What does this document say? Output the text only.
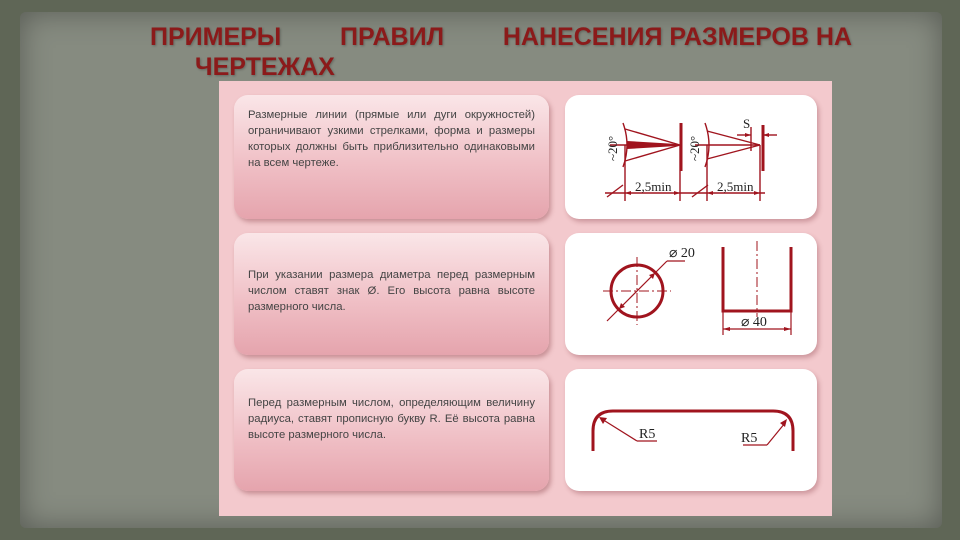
ПРИМЕРЫ ПРАВИЛ НАНЕСЕНИЯ РАЗМЕРОВ НА
ЧЕРТЕЖАХ

Размерные линии (прямые или дуги окружностей) ограничивают узкими стрелками, форма и размеры которых должны быть приблизительно одинаковыми на всем чертеже.

~20°	~20°
2,5min	2,5min
S

При указании размера диаметра перед размерным числом ставят знак Ø. Его высота равна высоте размерного числа.

⌀ 20
⌀ 40

Перед размерным числом, определяющим величину радиуса, ставят прописную букву R. Её высота равна высоте размерного числа.	R5	R5
